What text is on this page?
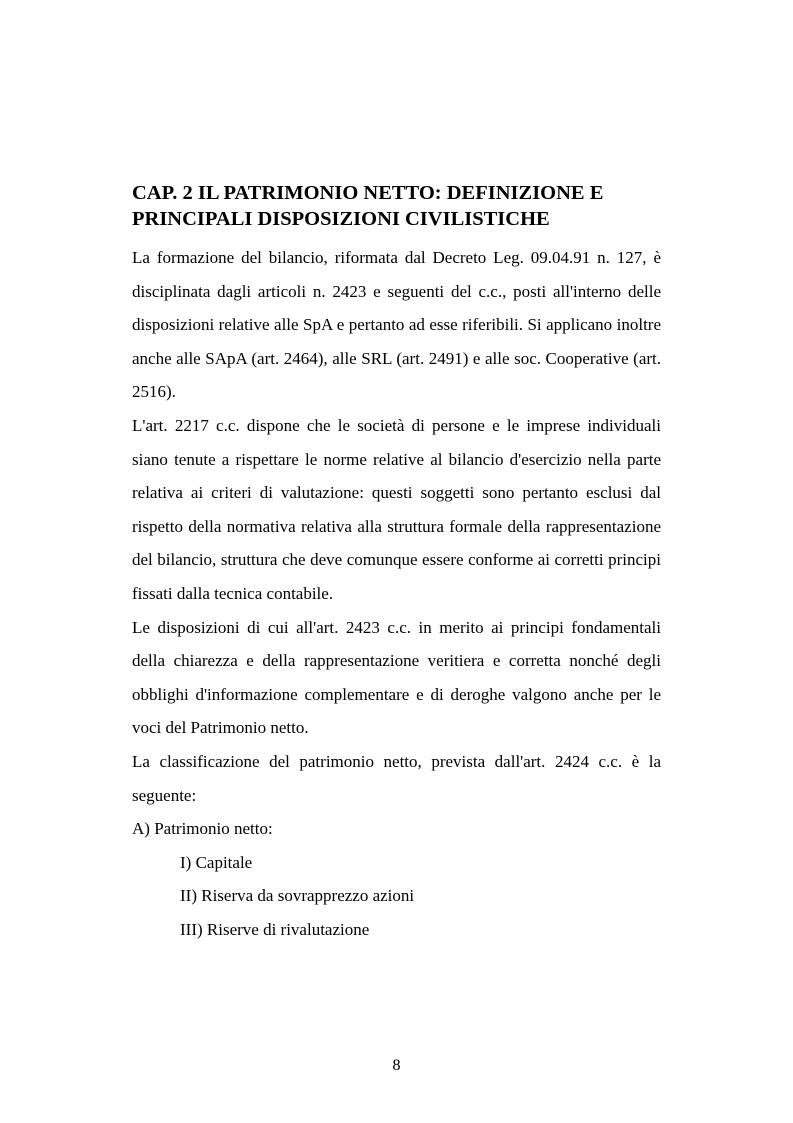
CAP. 2 IL PATRIMONIO NETTO: DEFINIZIONE E
PRINCIPALI DISPOSIZIONI CIVILISTICHE

La formazione del bilancio, riformata dal Decreto Leg. 09.04.91 n. 127, è disciplinata dagli articoli n. 2423 e seguenti del c.c., posti all'interno delle disposizioni relative alle SpA e pertanto ad esse riferibili. Si applicano inoltre anche alle SApA (art. 2464), alle SRL (art. 2491) e alle soc. Cooperative (art. 2516).

L'art. 2217 c.c. dispone che le società di persone e le imprese individuali siano tenute a rispettare le norme relative al bilancio d'esercizio nella parte relativa ai criteri di valutazione: questi soggetti sono pertanto esclusi dal rispetto della normativa relativa alla struttura formale della rappresentazione del bilancio, struttura che deve comunque essere conforme ai corretti principi fissati dalla tecnica contabile.

Le disposizioni di cui all'art. 2423 c.c. in merito ai principi fondamentali della chiarezza e della rappresentazione veritiera e corretta nonché degli obblighi d'informazione complementare e di deroghe valgono anche per le voci del Patrimonio netto.

La classificazione del patrimonio netto, prevista dall'art. 2424 c.c. è la seguente:

A) Patrimonio netto:

I) Capitale

II) Riserva da sovrapprezzo azioni

III) Riserve di rivalutazione

8
